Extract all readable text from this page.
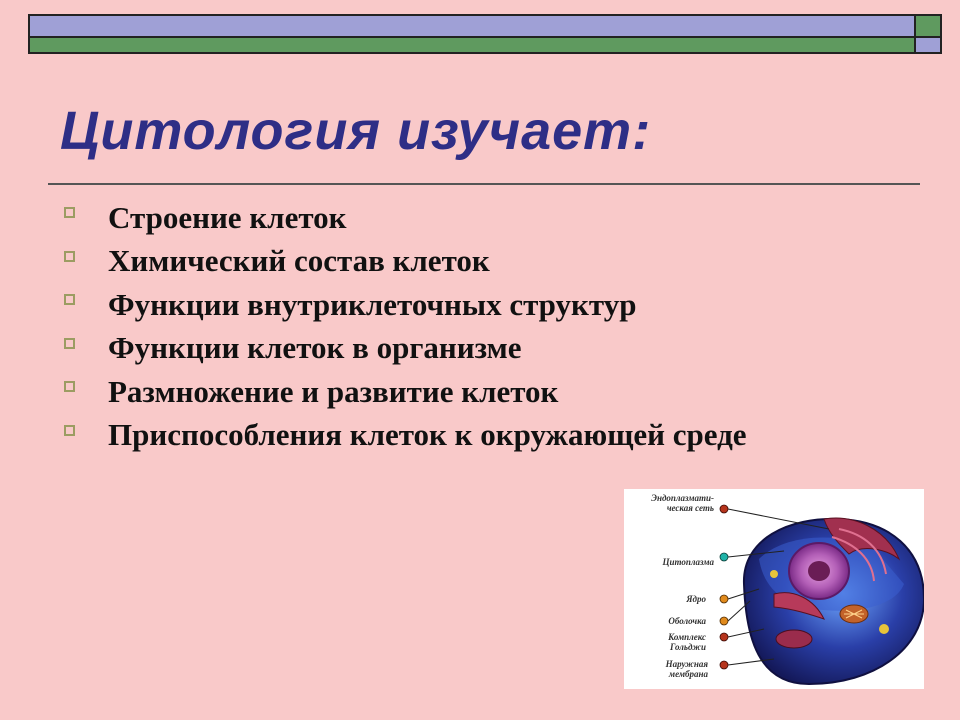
Цитология изучает:
Строение клеток
Химический состав клеток
Функции внутриклеточных структур
Функции клеток в организме
Размножение и развитие клеток
Приспособления клеток к окружающей среде
Эндоплазмати-
ческая сеть
Цитоплазма
Ядро
Оболочка
Комплекс
Гольджи
Наружная
мембрана
